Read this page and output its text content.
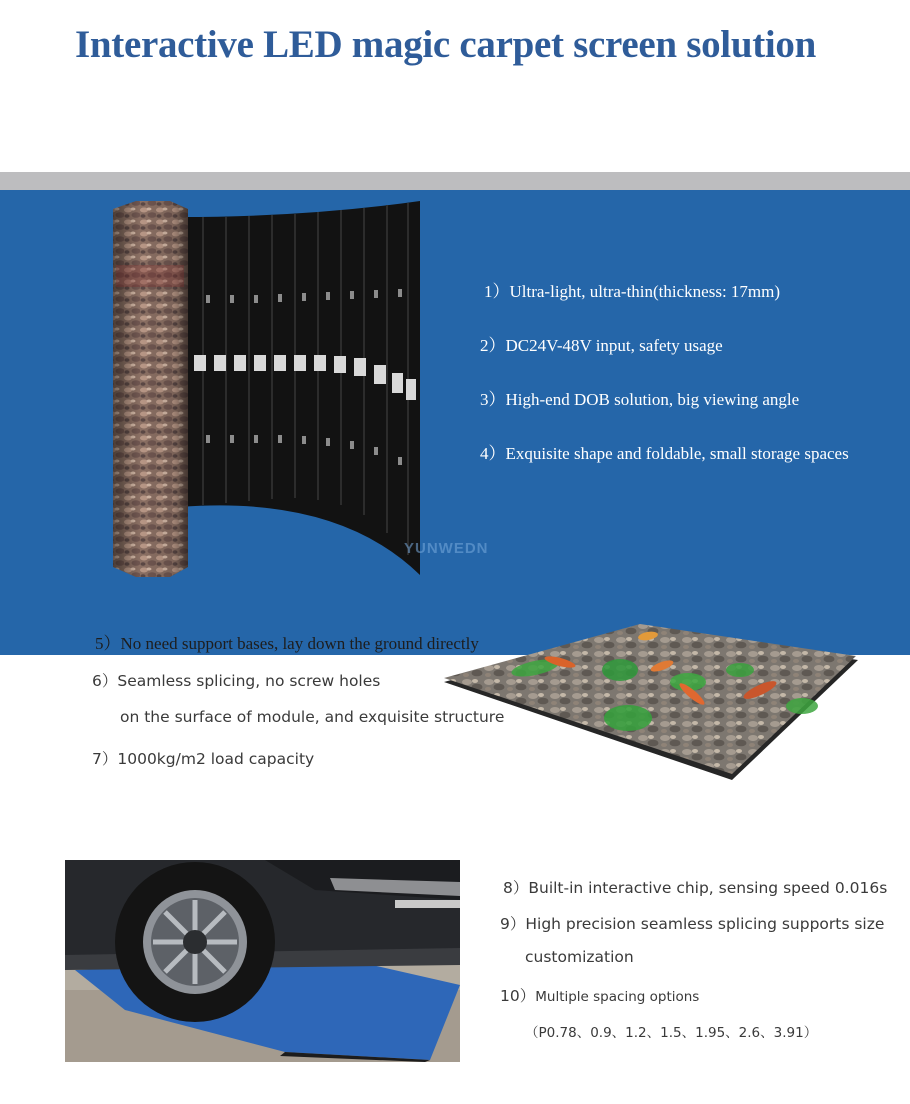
Interactive LED magic carpet screen solution
YUNWEDN
1）Ultra-light, ultra-thin(thickness: 17mm)
2）DC24V-48V input, safety usage
3）High-end DOB solution, big viewing angle
4）Exquisite shape and foldable, small storage spaces
5）No need support bases, lay down the ground directly
6）Seamless splicing, no screw holes
on the surface of module, and exquisite structure
7）1000kg/m2 load capacity
8）Built-in interactive chip, sensing speed 0.016s
9）High precision seamless splicing supports size
customization
10）Multiple spacing options
（P0.78、0.9、1.2、1.5、1.95、2.6、3.91）
